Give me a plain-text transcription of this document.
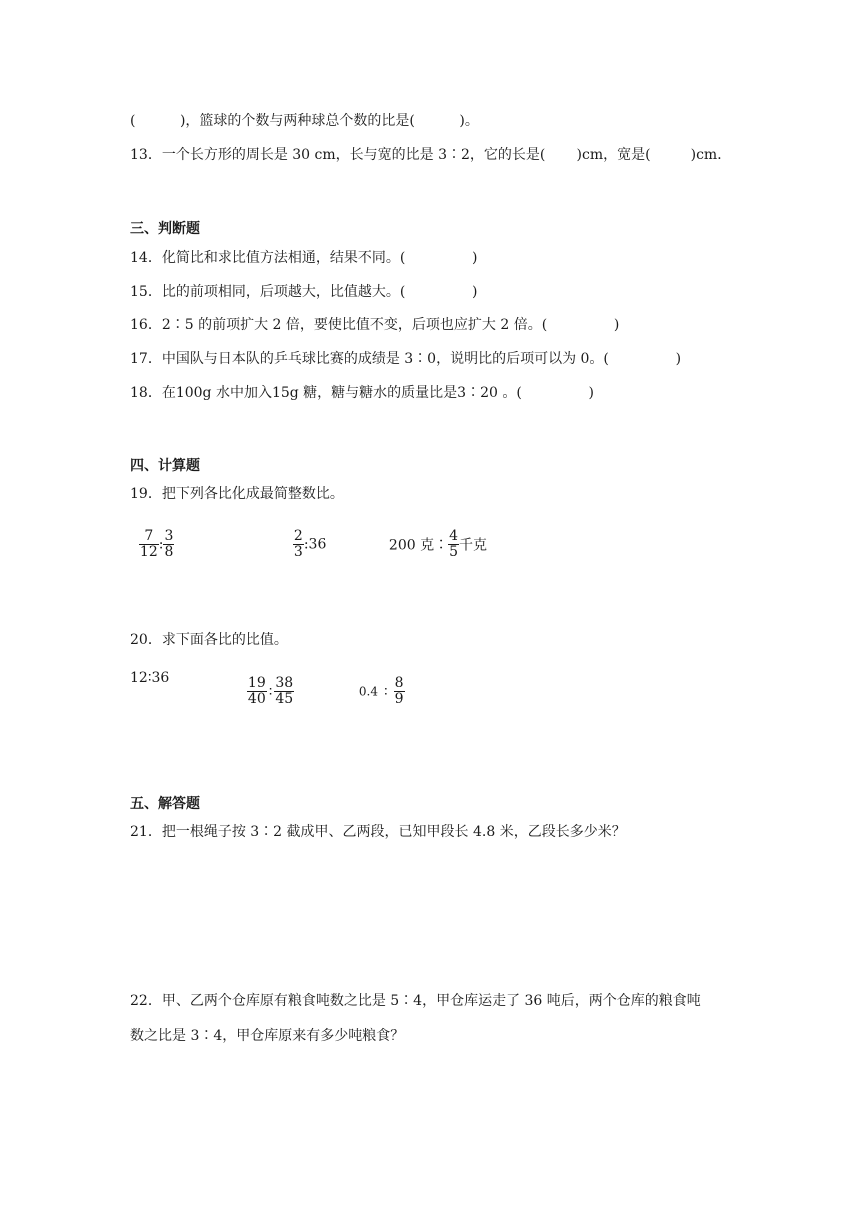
(          )，篮球的个数与两种球总个数的比是(          )。
13．一个长方形的周长是 30 cm，长与宽的比是 3∶2，它的长是(       )cm，宽是(         )cm．
三、判断题
14．化简比和求比值方法相通，结果不同。(               )
15．比的前项相同，后项越大，比值越大。(               )
16．2∶5 的前项扩大 2 倍，要使比值不变，后项也应扩大 2 倍。(               )
17．中国队与日本队的乒乓球比赛的成绩是 3∶0，说明比的后项可以为 0。(               )
18．在100g 水中加入15g 糖，糖与糖水的质量比是3∶20 。(               )
四、计算题
19．把下列各比化成最简整数比。

$\frac{7}{12}$ : $\frac{3}{8}$

	$\frac{2}{3}$ :36	200 克∶ $\frac{4}{5}$ 千克

20．求下面各比的比值。
12∶36

	$\frac{19}{40}$ ∶ $\frac{38}{45}$	0.4 ∶ $\frac{8}{9}$

五、解答题
21．把一根绳子按 3∶2 截成甲、乙两段，已知甲段长 4.8 米，乙段长多少米？
22．甲、乙两个仓库原有粮食吨数之比是 5∶4，甲仓库运走了 36 吨后，两个仓库的粮食吨
数之比是 3∶4，甲仓库原来有多少吨粮食？
